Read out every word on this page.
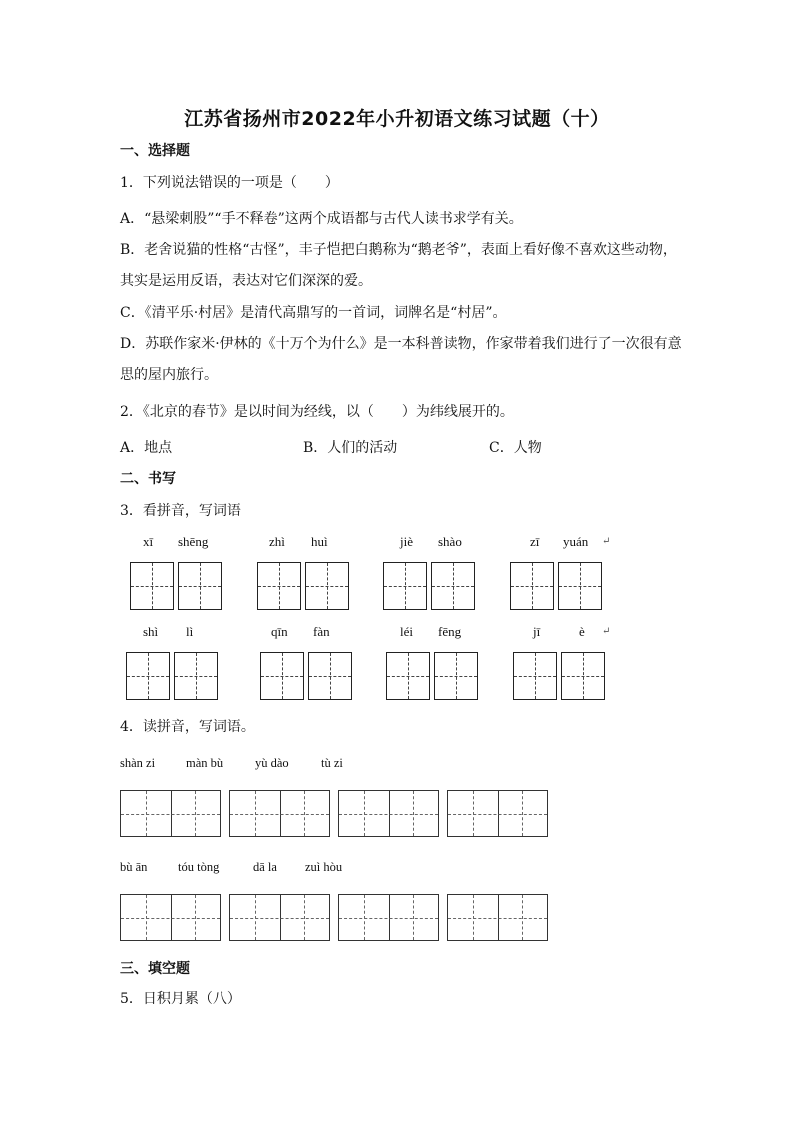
江苏省扬州市2022年小升初语文练习试题（十）
一、选择题
1．下列说法错误的一项是（　　）
A．“悬梁刺股”“手不释卷”这两个成语都与古代人读书求学有关。
B．老舍说猫的性格“古怪”，丰子恺把白鹅称为“鹅老爷”，表面上看好像不喜欢这些动物，
其实是运用反语，表达对它们深深的爱。
C．《清平乐·村居》是清代高鼎写的一首词，词牌名是“村居”。
D．苏联作家米·伊林的《十万个为什么》是一本科普读物，作家带着我们进行了一次很有意
思的屋内旅行。
2．《北京的春节》是以时间为经线，以（　　）为纬线展开的。
A．地点	B．人们的活动	C．人物
二、书写
3．看拼音，写词语
xī shēng	zhì huì	jiè shào	zī yuán ↵
shì lì	qīn fàn	léi fēng	jī	è ↵
4．读拼音，写词语。
shàn zi màn bù	yù dào	tù zi
bù ān tóu tòng	dā la zuì hòu
三、填空题
5．日积月累（八）
